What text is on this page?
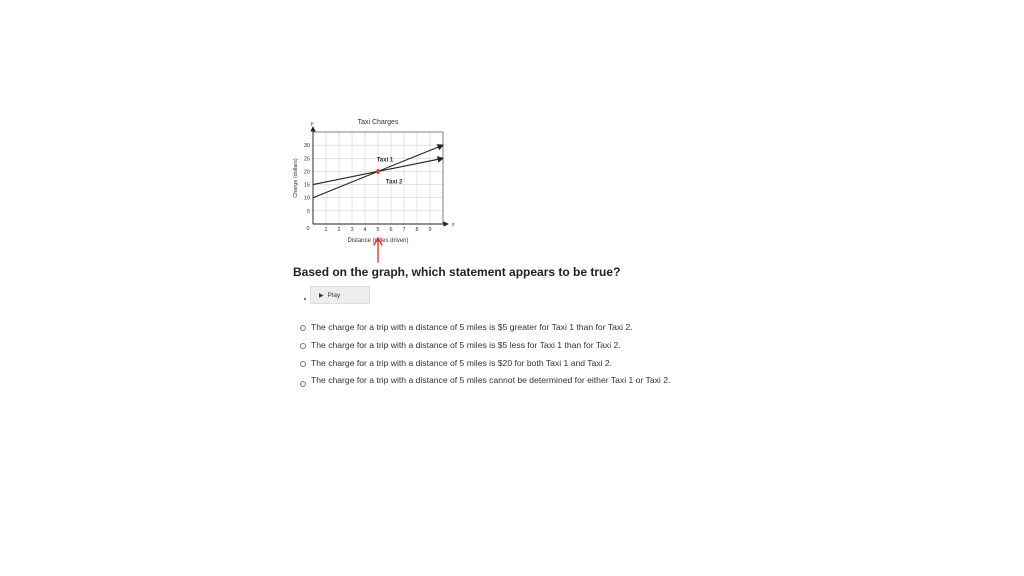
Taxi Charges
Charge (dollars)
Distance (miles driven)
y
x
0	1 2 3 4 5 6 7 8 9
5
10
15
20
25
30
Taxi 1
Taxi 2
Based on the graph, which statement appears to be true?
▶ Play
The charge for a trip with a distance of 5 miles is $5 greater for Taxi 1 than for Taxi 2.
The charge for a trip with a distance of 5 miles is $5 less for Taxi 1 than for Taxi 2.
The charge for a trip with a distance of 5 miles is $20 for both Taxi 1 and Taxi 2.
The charge for a trip with a distance of 5 miles cannot be determined for either Taxi 1 or Taxi 2.
